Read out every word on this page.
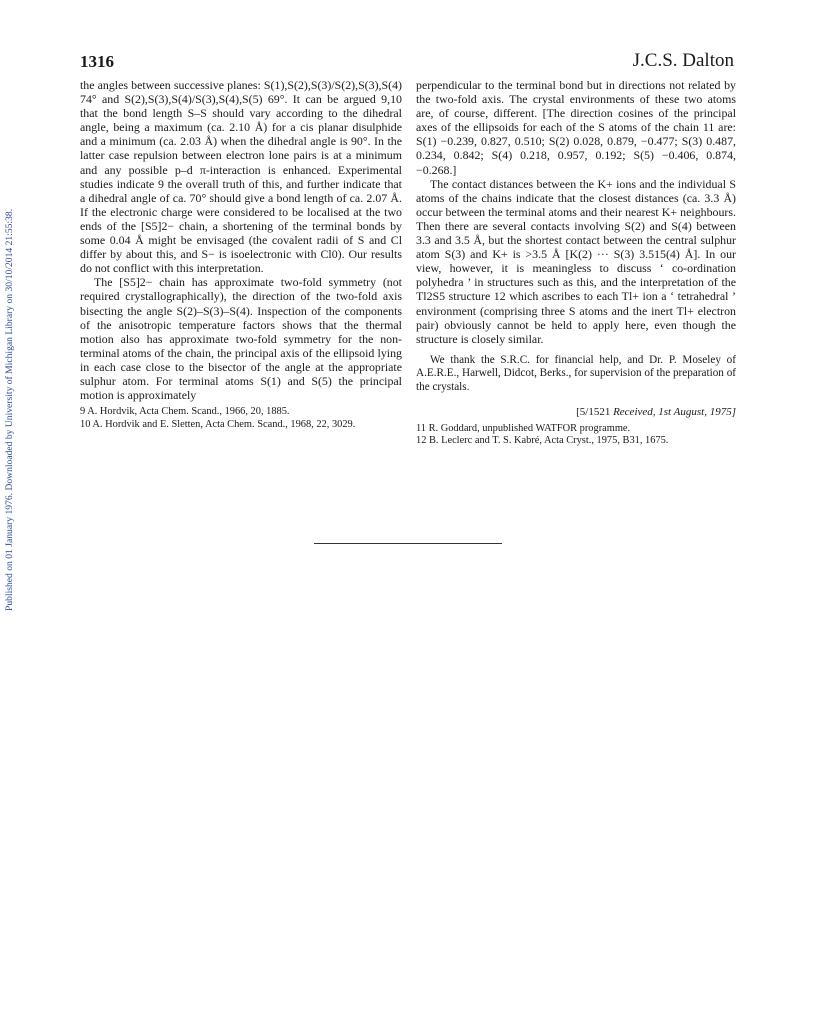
Published on 01 January 1976. Downloaded by University of Michigan Library on 30/10/2014 21:55:38.
1316	J.C.S. Dalton

the angles between successive planes: S(1),S(2),S(3)/S(2),S(3),S(4) 74° and S(2),S(3),S(4)/S(3),S(4),S(5) 69°. It can be argued 9,10 that the bond length S–S should vary according to the dihedral angle, being a maximum (ca. 2.10 Å) for a cis planar disulphide and a minimum (ca. 2.03 Å) when the dihedral angle is 90°. In the latter case repulsion between electron lone pairs is at a minimum and any possible p–d π-interaction is enhanced. Experimental studies indicate 9 the overall truth of this, and further indicate that a dihedral angle of ca. 70° should give a bond length of ca. 2.07 Å. If the electronic charge were considered to be localised at the two ends of the [S5]2− chain, a shortening of the terminal bonds by some 0.04 Å might be envisaged (the covalent radii of S and Cl differ by about this, and S− is isoelectronic with Cl0). Our results do not conflict with this interpretation.

The [S5]2− chain has approximate two-fold symmetry (not required crystallographically), the direction of the two-fold axis bisecting the angle S(2)–S(3)–S(4). Inspection of the components of the anisotropic temperature factors shows that the thermal motion also has approximate two-fold symmetry for the non-terminal atoms of the chain, the principal axis of the ellipsoid lying in each case close to the bisector of the angle at the appropriate sulphur atom. For terminal atoms S(1) and S(5) the principal motion is approximately

9 A. Hordvik, Acta Chem. Scand., 1966, 20, 1885.

10 A. Hordvik and E. Sletten, Acta Chem. Scand., 1968, 22, 3029.

perpendicular to the terminal bond but in directions not related by the two-fold axis. The crystal environments of these two atoms are, of course, different. [The direction cosines of the principal axes of the ellipsoids for each of the S atoms of the chain 11 are: S(1) −0.239, 0.827, 0.510; S(2) 0.028, 0.879, −0.477; S(3) 0.487, 0.234, 0.842; S(4) 0.218, 0.957, 0.192; S(5) −0.406, 0.874, −0.268.]

The contact distances between the K+ ions and the individual S atoms of the chains indicate that the closest distances (ca. 3.3 Å) occur between the terminal atoms and their nearest K+ neighbours. Then there are several contacts involving S(2) and S(4) between 3.3 and 3.5 Å, but the shortest contact between the central sulphur atom S(3) and K+ is >3.5 Å [K(2) ··· S(3) 3.515(4) Å]. In our view, however, it is meaningless to discuss ‘ co-ordination polyhedra ’ in structures such as this, and the interpretation of the Tl2S5 structure 12 which ascribes to each Tl+ ion a ‘ tetrahedral ’ environment (comprising three S atoms and the inert Tl+ electron pair) obviously cannot be held to apply here, even though the structure is closely similar.

We thank the S.R.C. for financial help, and Dr. P. Moseley of A.E.R.E., Harwell, Didcot, Berks., for supervision of the preparation of the crystals.

[5/1521 Received, 1st August, 1975]

11 R. Goddard, unpublished WATFOR programme.

12 B. Leclerc and T. S. Kabré, Acta Cryst., 1975, B31, 1675.
